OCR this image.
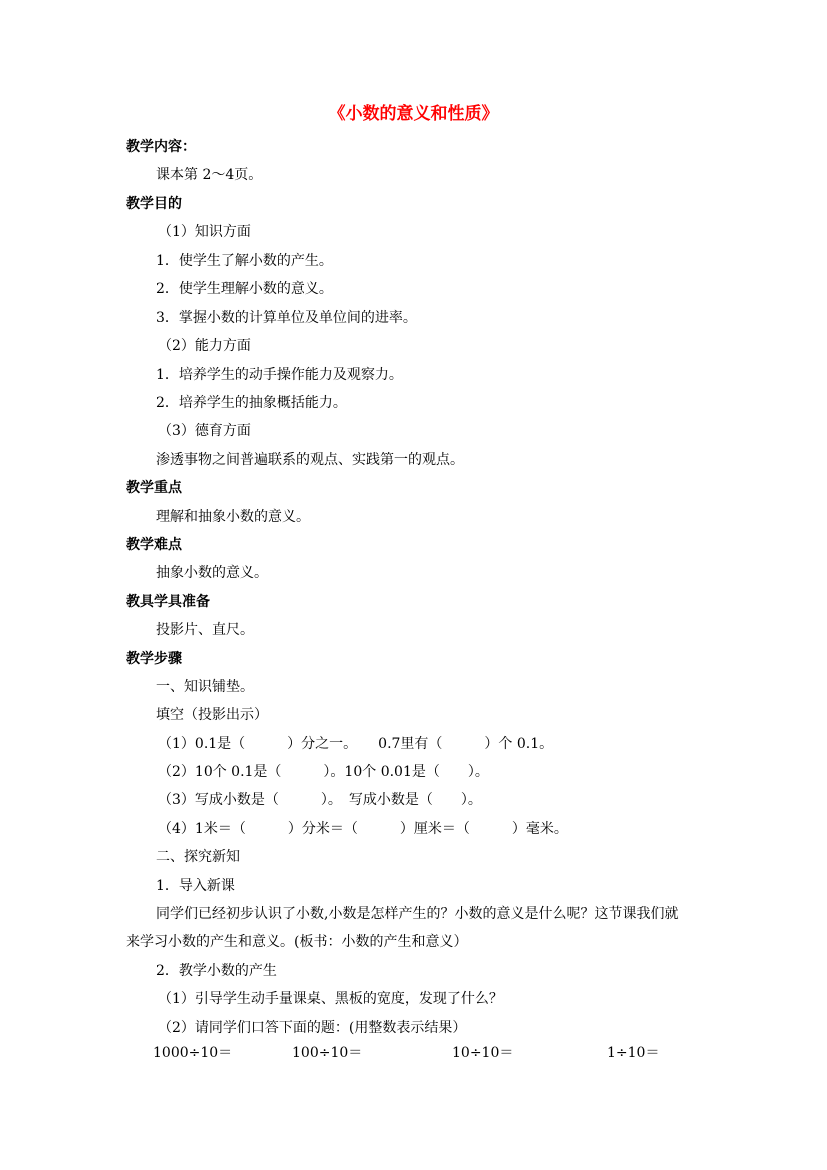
《小数的意义和性质》
教学内容：
课本第 2～4页。
教学目的
（1）知识方面
1．使学生了解小数的产生。
2．使学生理解小数的意义。
3．掌握小数的计算单位及单位间的进率。
（2）能力方面
1．培养学生的动手操作能力及观察力。
2．培养学生的抽象概括能力。
（3）德育方面
渗透事物之间普遍联系的观点、实践第一的观点。
教学重点
理解和抽象小数的意义。
教学难点
抽象小数的意义。
教具学具准备
投影片、直尺。
教学步骤
一、知识铺垫。
填空（投影出示）
（1）0.1是（　　　）分之一。　　0.7里有（　　　）个 0.1。
（2）10个 0.1是（　　　）。10个 0.01是（　　）。
（3）写成小数是（　　　）。　写成小数是（　　）。
（4）1米＝（　　　）分米＝（　　　）厘米＝（　　　）毫米。
二、探究新知
1．导入新课
同学们已经初步认识了小数,小数是怎样产生的？小数的意义是什么呢？这节课我们就来学习小数的产生和意义。(板书：小数的产生和意义）
2．教学小数的产生
（1）引导学生动手量课桌、黑板的宽度，发现了什么？
（2）请同学们口答下面的题：(用整数表示结果）
1000÷10＝	100÷10＝	10÷10＝	1÷10＝
